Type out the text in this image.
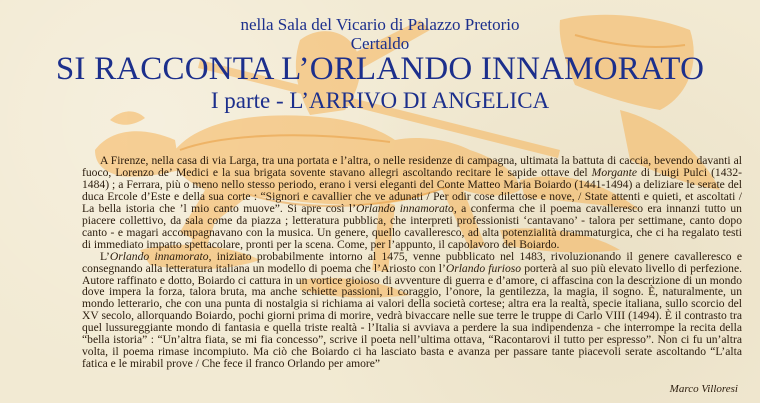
nella Sala del Vicario di Palazzo Pretorio
Certaldo
SI RACCONTA L’ORLANDO INNAMORATO
I parte - L’ARRIVO DI ANGELICA

A Firenze, nella casa di via Larga, tra una portata e l’altra, o nelle residenze di campagna, ultimata la battuta di caccia, bevendo davanti al fuoco, Lorenzo de’ Medici e la sua brigata sovente stavano allegri ascoltando recitare le sapide ottave del Morgante di Luigi Pulci (1432-1484) ; a Ferrara, più o meno nello stesso periodo, erano i versi eleganti del Conte Matteo Maria Boiardo (1441-1494) a deliziare le serate del duca Ercole d’Este e della sua corte : “Signori e cavallier che ve adunati / Per odir cose dilettose e nove, / State attenti e quieti, et ascoltati / La bella istoria che ’l mio canto muove”. Si apre così l’Orlando innamorato, a conferma che il poema cavalleresco era innanzi tutto un piacere collettivo, da sala come da piazza ; letteratura pubblica, che interpreti professionisti ‘cantavano’ - talora per settimane, canto dopo canto - e magari accompagnavano con la musica. Un genere, quello cavalleresco, ad alta potenzialità drammaturgica, che ci ha regalato testi di immediato impatto spettacolare, pronti per la scena. Come, per l’appunto, il capolavoro del Boiardo.

L’Orlando innamorato, iniziato probabilmente intorno al 1475, venne pubblicato nel 1483, rivoluzionando il genere cavalleresco e consegnando alla letteratura italiana un modello di poema che l’Ariosto con l’Orlando furioso porterà al suo più elevato livello di perfezione. Autore raffinato e dotto, Boiardo ci cattura in un vortice gioioso di avventure di guerra e d’amore, ci affascina con la descrizione di un mondo dove impera la forza, talora bruta, ma anche schiette passioni, il coraggio, l’onore, la gentilezza, la magia, il sogno. È, naturalmente, un mondo letterario, che con una punta di nostalgia si richiama ai valori della società cortese; altra era la realtà, specie italiana, sullo scorcio del XV secolo, allorquando Boiardo, pochi giorni prima di morire, vedrà bivaccare nelle sue terre le truppe di Carlo VIII (1494). È il contrasto tra quel lussureggiante mondo di fantasia e quella triste realtà - l’Italia si avviava a perdere la sua indipendenza - che interrompe la recita della “bella istoria” : “Un’altra fiata, se mi fia concesso”, scrive il poeta nell’ultima ottava, “Racontarovi il tutto per espresso”. Non ci fu un’altra volta, il poema rimase incompiuto. Ma ciò che Boiardo ci ha lasciato basta e avanza per passare tante piacevoli serate ascoltando “L’alta fatica e le mirabil prove / Che fece il franco Orlando per amore”

Marco Villoresi
